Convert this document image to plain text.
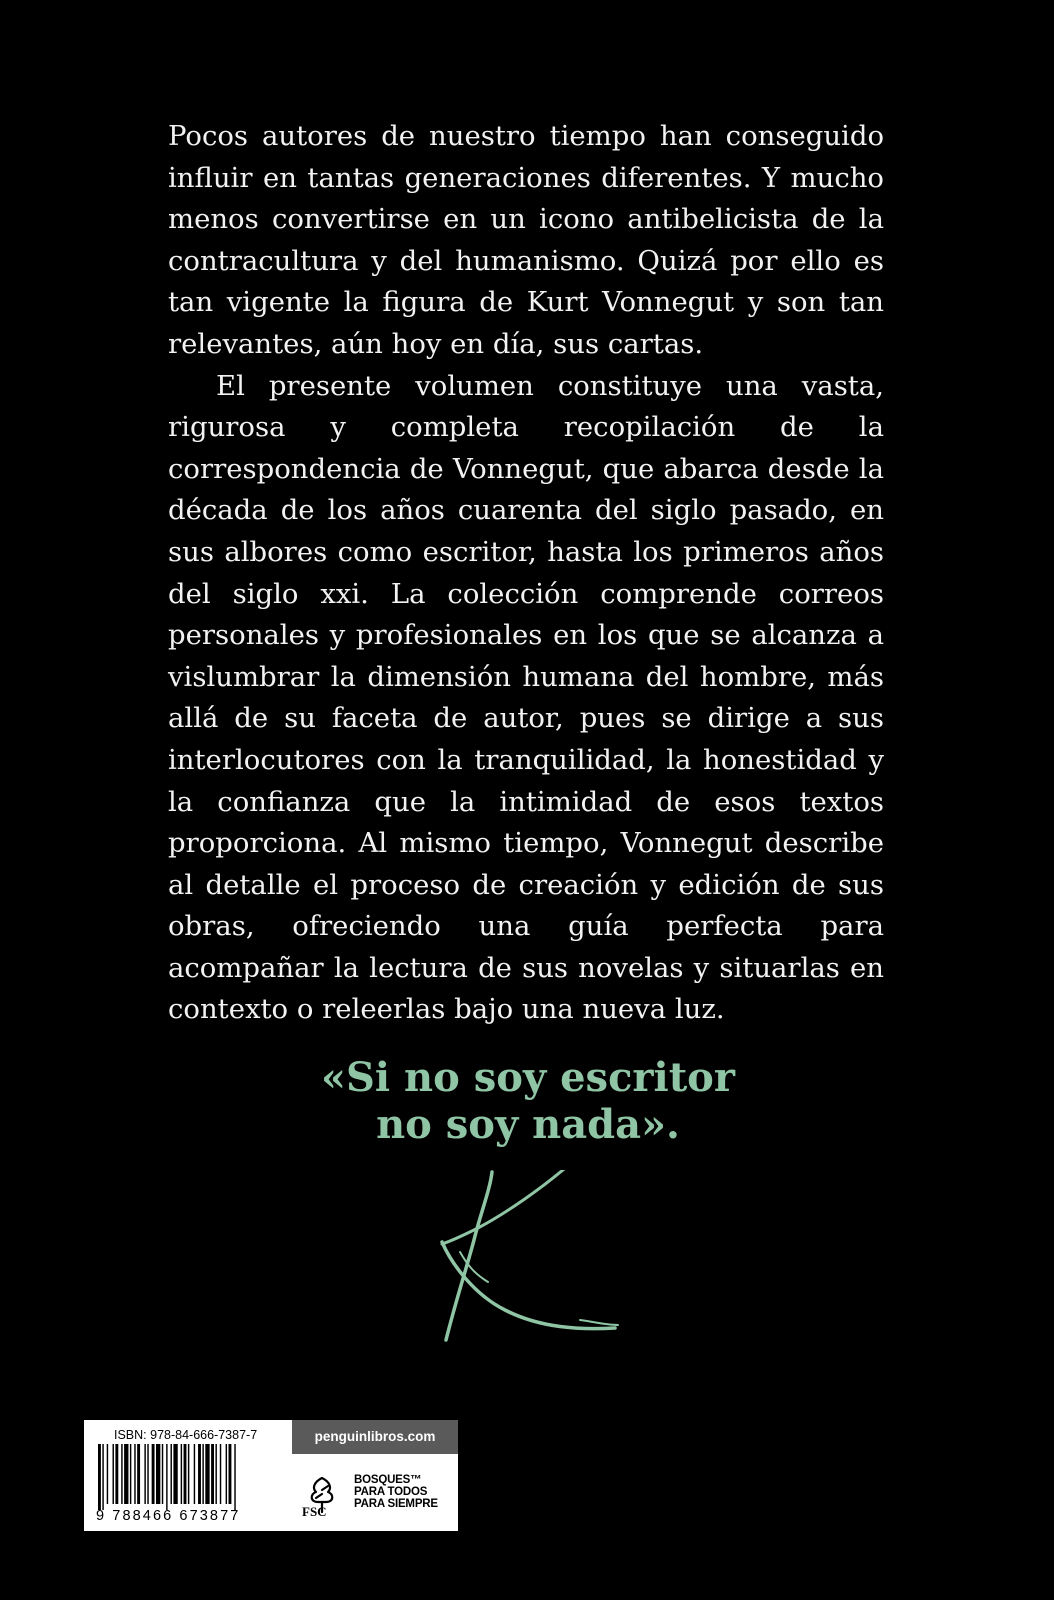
Pocos autores de nuestro tiempo han conseguido influir en tantas generaciones diferentes. Y mucho menos convertirse en un icono antibelicista de la contracultura y del humanismo. Quizá por ello es tan vigente la figura de Kurt Vonnegut y son tan relevantes, aún hoy en día, sus cartas.

El presente volumen constituye una vasta, rigurosa y completa recopilación de la correspondencia de Vonnegut, que abarca desde la década de los años cuarenta del siglo pasado, en sus albores como escritor, hasta los primeros años del siglo xxi. La colección comprende correos personales y profesionales en los que se alcanza a vislumbrar la dimensión humana del hombre, más allá de su faceta de autor, pues se dirige a sus interlocutores con la tranquilidad, la honestidad y la confianza que la intimidad de esos textos proporciona. Al mismo tiempo, Vonnegut describe al detalle el proceso de creación y edición de sus obras, ofreciendo una guía perfecta para acompañar la lectura de sus novelas y situarlas en contexto o releerlas bajo una nueva luz.

«Si no soy escritor
no soy nada».
ISBN: 978-84-666-7387-7
9 788466 673877
penguinlibros.com
FSC
BOSQUES™
PARA TODOS
PARA SIEMPRE
